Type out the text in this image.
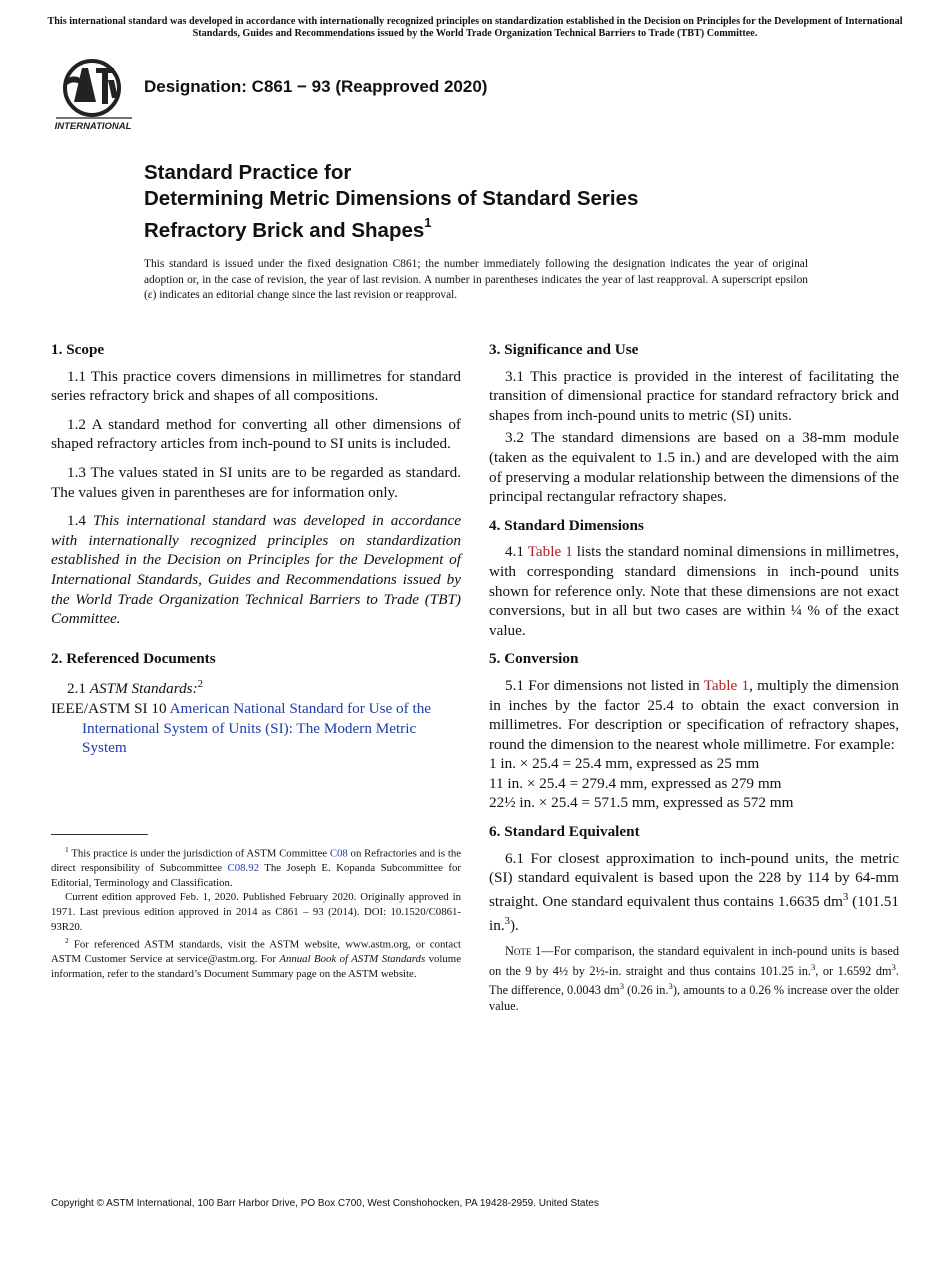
This international standard was developed in accordance with internationally recognized principles on standardization established in the Decision on Principles for the Development of International Standards, Guides and Recommendations issued by the World Trade Organization Technical Barriers to Trade (TBT) Committee.
INTERNATIONAL
Designation: C861 − 93 (Reapproved 2020)
Standard Practice for
Determining Metric Dimensions of Standard Series
Refractory Brick and Shapes$^1$
This standard is issued under the fixed designation C861; the number immediately following the designation indicates the year of original adoption or, in the case of revision, the year of last revision. A number in parentheses indicates the year of last reapproval. A superscript epsilon (ε) indicates an editorial change since the last revision or reapproval.
1. Scope

1.1 This practice covers dimensions in millimetres for standard series refractory brick and shapes of all compositions.

1.2 A standard method for converting all other dimensions of shaped refractory articles from inch-pound to SI units is included.

1.3 The values stated in SI units are to be regarded as standard. The values given in parentheses are for information only.

1.4 This international standard was developed in accordance with internationally recognized principles on standardization established in the Decision on Principles for the Development of International Standards, Guides and Recommendations issued by the World Trade Organization Technical Barriers to Trade (TBT) Committee.

2. Referenced Documents

2.1 ASTM Standards:$^2$

IEEE/ASTM SI 10 American National Standard for Use of the International System of Units (SI): The Modern Metric System

3. Significance and Use

3.1 This practice is provided in the interest of facilitating the transition of dimensional practice for standard refractory brick and shapes from inch-pound units to metric (SI) units.

3.2 The standard dimensions are based on a 38-mm module (taken as the equivalent to 1.5 in.) and are developed with the aim of preserving a modular relationship between the dimensions of the principal rectangular refractory shapes.

4. Standard Dimensions

4.1 Table 1 lists the standard nominal dimensions in millimetres, with corresponding standard dimensions in inch-pound units shown for reference only. Note that these dimensions are not exact conversions, but in all but two cases are within ¼ % of the exact value.

5. Conversion

5.1 For dimensions not listed in Table 1, multiply the dimension in inches by the factor 25.4 to obtain the exact conversion in millimetres. For description or specification of refractory shapes, round the dimension to the nearest whole millimetre. For example:

1 in. × 25.4 = 25.4 mm, expressed as 25 mm
11 in. × 25.4 = 279.4 mm, expressed as 279 mm
22½ in. × 25.4 = 571.5 mm, expressed as 572 mm
6. Standard Equivalent

6.1 For closest approximation to inch-pound units, the metric (SI) standard equivalent is based upon the 228 by 114 by 64-mm straight. One standard equivalent thus contains 1.6635 $dm^3$ (101.51 in.$^3$).

Note 1—For comparison, the standard equivalent in inch-pound units is based on the 9 by 4½ by 2½-in. straight and thus contains 101.25 in.$^3$, or 1.6592 $dm^3$. The difference, 0.0043 $dm^3$ (0.26 in.$^3$), amounts to a 0.26 % increase over the older value.

$^1$ This practice is under the jurisdiction of ASTM Committee C08 on Refractories and is the direct responsibility of Subcommittee C08.92 The Joseph E. Kopanda Subcommittee for Editorial, Terminology and Classification.

Current edition approved Feb. 1, 2020. Published February 2020. Originally approved in 1971. Last previous edition approved in 2014 as C861 – 93 (2014). DOI: 10.1520/C0861-93R20.

$^2$ For referenced ASTM standards, visit the ASTM website, www.astm.org, or contact ASTM Customer Service at service@astm.org. For Annual Book of ASTM Standards volume information, refer to the standard’s Document Summary page on the ASTM website.

Copyright © ASTM International, 100 Barr Harbor Drive, PO Box C700, West Conshohocken, PA 19428-2959. United States
